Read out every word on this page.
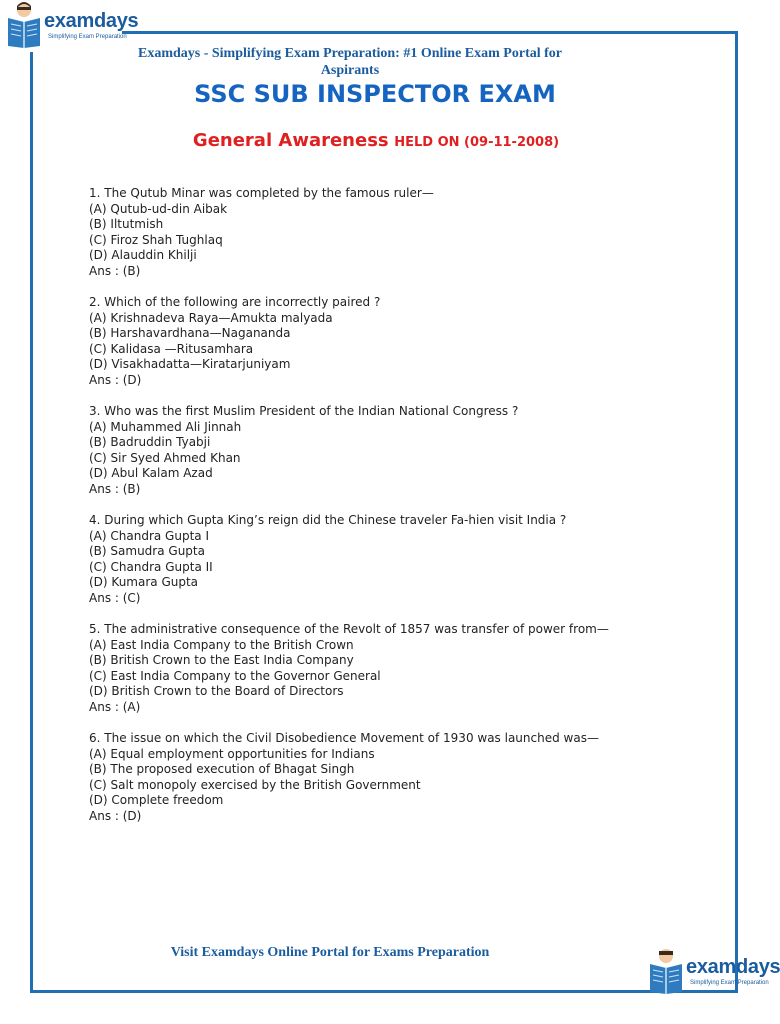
examdays
Simplifying Exam Preparation
Examdays - Simplifying Exam Preparation: #1 Online Exam Portal for Aspirants
SSC SUB INSPECTOR EXAM
General Awareness HELD ON (09-11-2008)
1. The Qutub Minar was completed by the famous ruler—
(A) Qutub-ud-din Aibak
(B) Iltutmish
(C) Firoz Shah Tughlaq
(D) Alauddin Khilji
Ans : (B)
2. Which of the following are incorrectly paired ?
(A) Krishnadeva Raya—Amukta malyada
(B) Harshavardhana—Nagananda
(C) Kalidasa —Ritusamhara
(D) Visakhadatta—Kiratarjuniyam
Ans : (D)
3. Who was the first Muslim President of the Indian National Congress ?
(A) Muhammed Ali Jinnah
(B) Badruddin Tyabji
(C) Sir Syed Ahmed Khan
(D) Abul Kalam Azad
Ans : (B)
4. During which Gupta King’s reign did the Chinese traveler Fa-hien visit India ?
(A) Chandra Gupta I
(B) Samudra Gupta
(C) Chandra Gupta II
(D) Kumara Gupta
Ans : (C)
5. The administrative consequence of the Revolt of 1857 was transfer of power from—
(A) East India Company to the British Crown
(B) British Crown to the East India Company
(C) East India Company to the Governor General
(D) British Crown to the Board of Directors
Ans : (A)
6. The issue on which the Civil Disobedience Movement of 1930 was launched was—
(A) Equal employment opportunities for Indians
(B) The proposed execution of Bhagat Singh
(C) Salt monopoly exercised by the British Government
(D) Complete freedom
Ans : (D)
Visit Examdays Online Portal for Exams Preparation
examdays
Simplifying Exam Preparation
